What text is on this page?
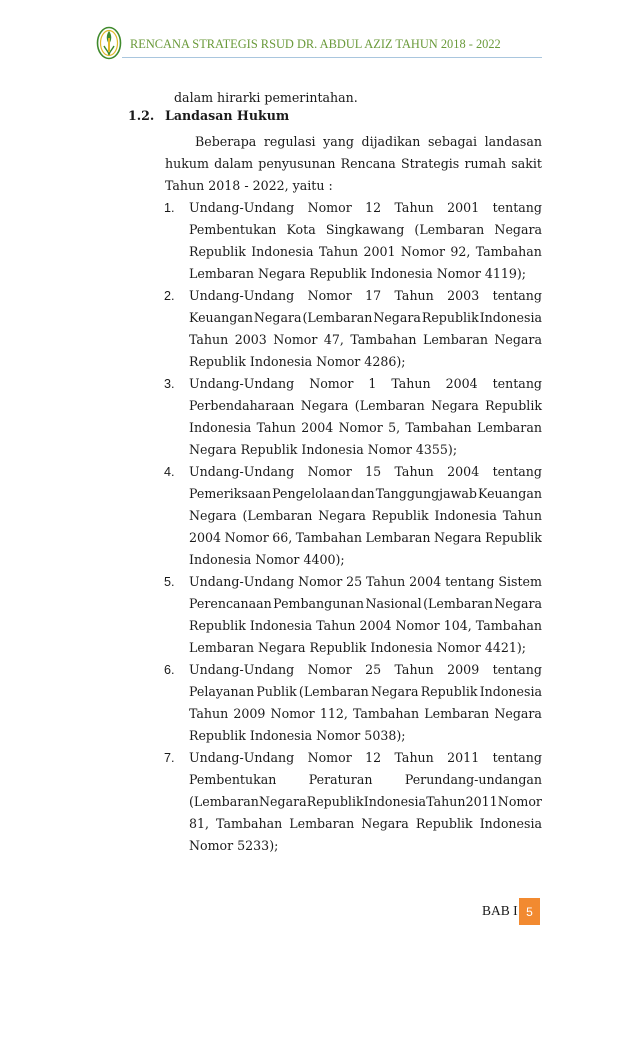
RENCANA STRATEGIS RSUD DR. ABDUL AZIZ TAHUN 2018 - 2022
dalam hirarki pemerintahan.
1.2. Landasan Hukum
Beberapa regulasi yang dijadikan sebagai landasan
hukum dalam penyusunan Rencana Strategis rumah sakit
Tahun 2018 - 2022, yaitu :
1. Undang-Undang Nomor 12 Tahun 2001 tentang
Pembentukan Kota Singkawang (Lembaran Negara
Republik Indonesia Tahun 2001 Nomor 92, Tambahan
Lembaran Negara Republik Indonesia Nomor 4119);
2. Undang-Undang Nomor 17 Tahun 2003 tentang
Keuangan Negara (Lembaran Negara Republik Indonesia
Tahun 2003 Nomor 47, Tambahan Lembaran Negara
Republik Indonesia Nomor 4286);
3. Undang-Undang Nomor 1 Tahun 2004 tentang
Perbendaharaan Negara (Lembaran Negara Republik
Indonesia Tahun 2004 Nomor 5, Tambahan Lembaran
Negara Republik Indonesia Nomor 4355);
4. Undang-Undang Nomor 15 Tahun 2004 tentang
Pemeriksaan Pengelolaan dan Tanggungjawab Keuangan
Negara (Lembaran Negara Republik Indonesia Tahun
2004 Nomor 66, Tambahan Lembaran Negara Republik
Indonesia Nomor 4400);
5. Undang-Undang Nomor 25 Tahun 2004 tentang Sistem
Perencanaan Pembangunan Nasional (Lembaran Negara
Republik Indonesia Tahun 2004 Nomor 104, Tambahan
Lembaran Negara Republik Indonesia Nomor 4421);
6. Undang-Undang Nomor 25 Tahun 2009 tentang
Pelayanan Publik (Lembaran Negara Republik Indonesia
Tahun 2009 Nomor 112, Tambahan Lembaran Negara
Republik Indonesia Nomor 5038);
7. Undang-Undang Nomor 12 Tahun 2011 tentang
Pembentukan	Peraturan	Perundang-undangan
(Lembaran Negara Republik Indonesia Tahun 2011 Nomor
81, Tambahan Lembaran Negara Republik Indonesia
Nomor 5233);
BAB I 5
